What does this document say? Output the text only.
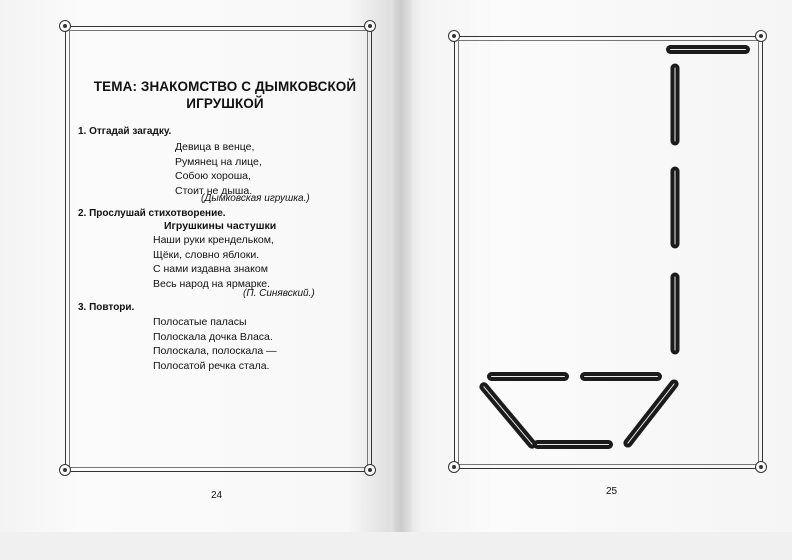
ТЕМА: ЗНАКОМСТВО С ДЫМКОВСКОЙ ИГРУШКОЙ
1. Отгадай загадку.
Девица в венце,
Румянец на лице,
Собою хороша,
Стоит не дыша.
(Дымковская игрушка.)
2. Прослушай стихотворение.
Игрушкины частушки
Наши руки кренделькoм,
Щёки, словно яблоки.
С нами издавна знаком
Весь народ на ярмарке.
(П. Синявский.)
3. Повтори.
Полосатые паласы
Полоскала дочка Власа.
Полоскала, полоскала —
Полосатой речка стала.
24	25
